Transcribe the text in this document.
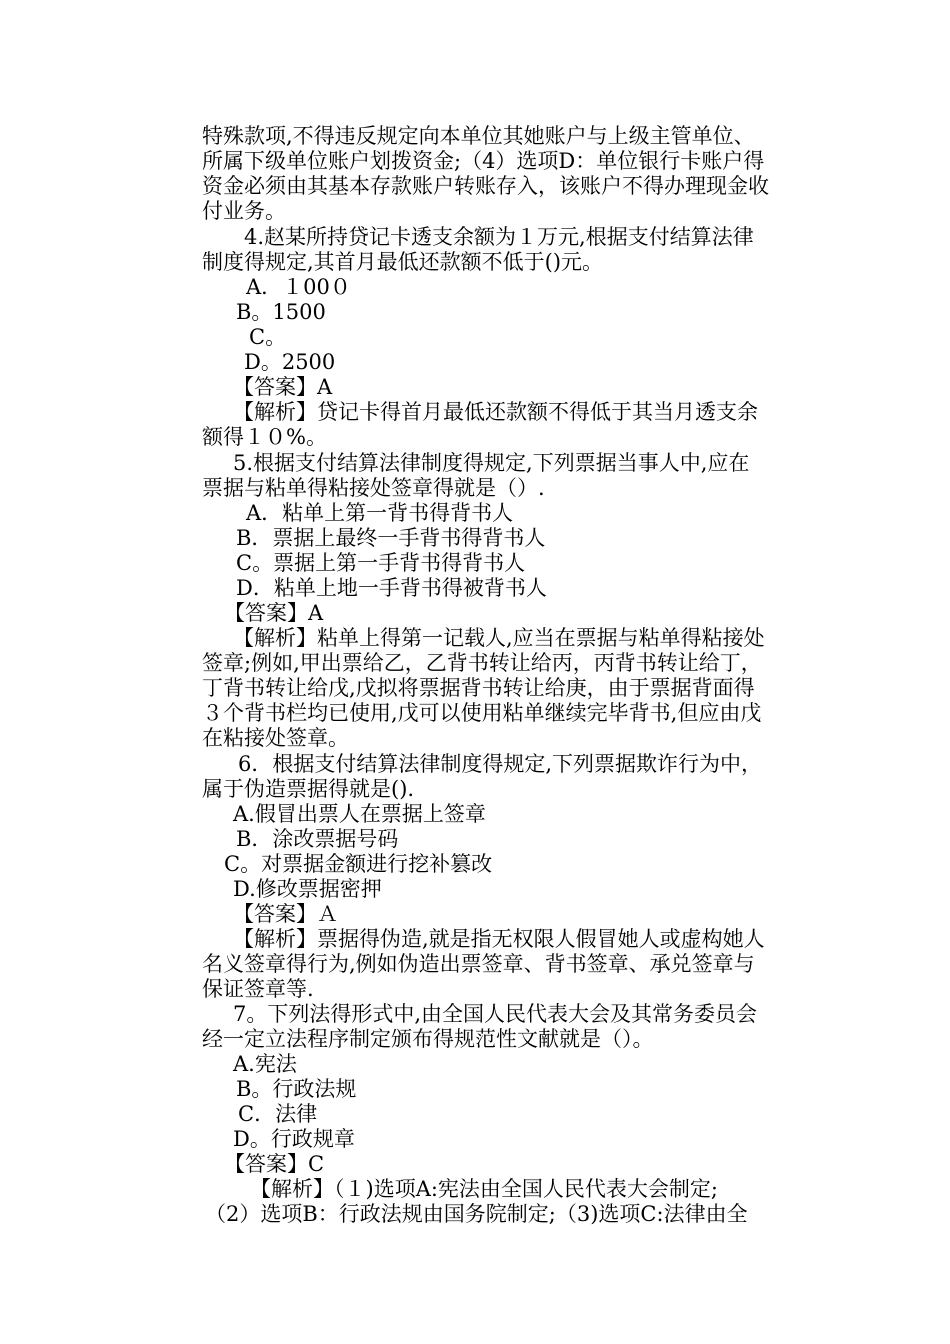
特殊款项,不得违反规定向本单位其她账户与上级主管单位、
所属下级单位账户划拨资金;（4）选项D：单位银行卡账户得
资金必须由其基本存款账户转账存入，该账户不得办理现金收
付业务。
4.赵某所持贷记卡透支余额为１万元,根据支付结算法律
制度得规定,其首月最低还款额不低于()元。
A．１00０
B。1500
C。
D。2500
【答案】A
【解析】贷记卡得首月最低还款额不得低于其当月透支余
额得１０%。
5.根据支付结算法律制度得规定,下列票据当事人中,应在
票据与粘单得粘接处签章得就是（）.
A．粘单上第一背书得背书人
B．票据上最终一手背书得背书人
C。票据上第一手背书得背书人
D．粘单上地一手背书得被背书人
【答案】A
【解析】粘单上得第一记载人,应当在票据与粘单得粘接处
签章;例如,甲出票给乙，乙背书转让给丙，丙背书转让给丁，
丁背书转让给戊,戊拟将票据背书转让给庚，由于票据背面得
３个背书栏均已使用,戊可以使用粘单继续完毕背书,但应由戊
在粘接处签章。
6．根据支付结算法律制度得规定,下列票据欺诈行为中，
属于伪造票据得就是().
A.假冒出票人在票据上签章
B．涂改票据号码
C。对票据金额进行挖补篡改
D.修改票据密押
【答案】Ａ
【解析】票据得伪造,就是指无权限人假冒她人或虚构她人
名义签章得行为,例如伪造出票签章、背书签章、承兑签章与
保证签章等.
7。下列法得形式中,由全国人民代表大会及其常务委员会
经一定立法程序制定颁布得规范性文献就是（）。
A.宪法
B。行政法规
C．法律
D。行政规章
【答案】C
【解析】（１)选项A:宪法由全国人民代表大会制定;
（2）选项B：行政法规由国务院制定;（3)选项C:法律由全
